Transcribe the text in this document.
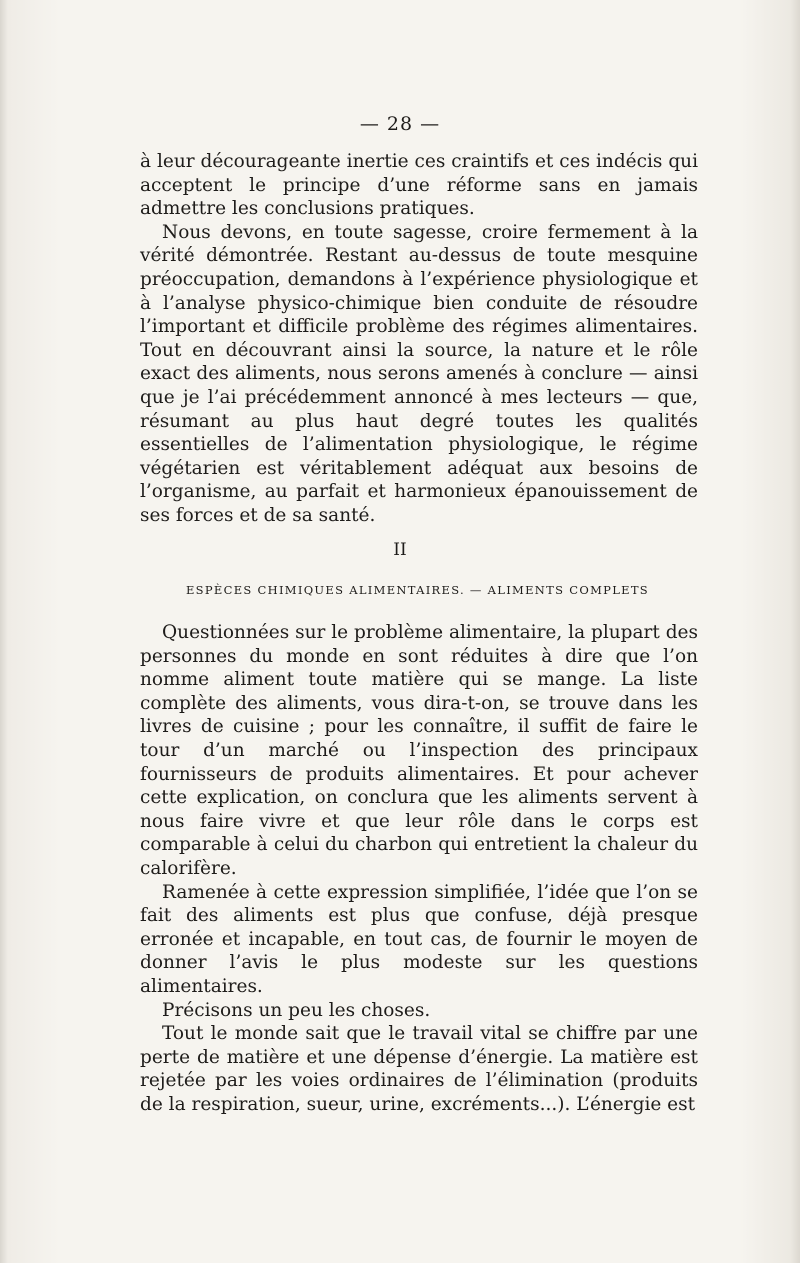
— 28 —

à leur décourageante inertie ces craintifs et ces indécis qui acceptent le principe d’une réforme sans en jamais admettre les conclusions pratiques.

Nous devons, en toute sagesse, croire fermement à la vérité démontrée. Restant au-dessus de toute mesquine préoccupation, demandons à l’expérience physiologique et à l’analyse physico-chimique bien conduite de résoudre l’important et difficile problème des régimes alimentaires. Tout en découvrant ainsi la source, la nature et le rôle exact des aliments, nous serons amenés à conclure — ainsi que je l’ai précédemment annoncé à mes lecteurs — que, résumant au plus haut degré toutes les qualités essentielles de l’alimentation physiologique, le régime végétarien est véritablement adéquat aux besoins de l’organisme, au parfait et harmonieux épanouissement de ses forces et de sa santé.

II
ESPÈCES CHIMIQUES ALIMENTAIRES. — ALIMENTS COMPLETS

Questionnées sur le problème alimentaire, la plupart des personnes du monde en sont réduites à dire que l’on nomme aliment toute matière qui se mange. La liste complète des aliments, vous dira-t-on, se trouve dans les livres de cuisine ; pour les connaître, il suffit de faire le tour d’un marché ou l’inspection des principaux fournisseurs de produits alimentaires. Et pour achever cette explication, on conclura que les aliments servent à nous faire vivre et que leur rôle dans le corps est comparable à celui du charbon qui entretient la chaleur du calorifère.

Ramenée à cette expression simplifiée, l’idée que l’on se fait des aliments est plus que confuse, déjà presque erronée et incapable, en tout cas, de fournir le moyen de donner l’avis le plus modeste sur les questions alimentaires.

Précisons un peu les choses.

Tout le monde sait que le travail vital se chiffre par une perte de matière et une dépense d’énergie. La matière est rejetée par les voies ordinaires de l’élimination (produits de la respiration, sueur, urine, excréments...). L’énergie est
